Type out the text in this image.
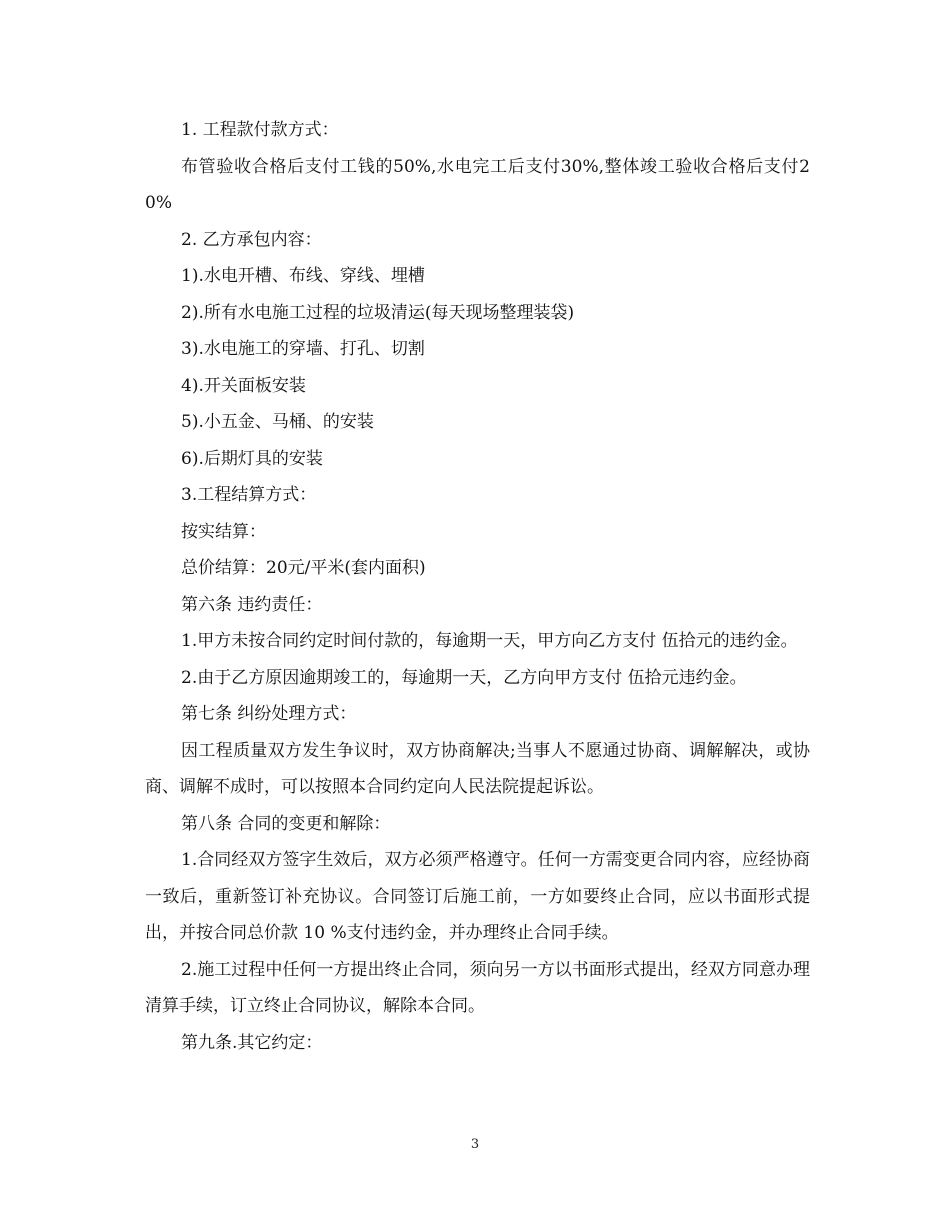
1. 工程款付款方式：

布管验收合格后支付工钱的50%,水电完工后支付30%,整体竣工验收合格后支付20%

2. 乙方承包内容：

1).水电开槽、布线、穿线、埋槽

2).所有水电施工过程的垃圾清运(每天现场整理装袋)

3).水电施工的穿墙、打孔、切割

4).开关面板安装

5).小五金、马桶、的安装

6).后期灯具的安装

3.工程结算方式：

按实结算：

总价结算：20元/平米(套内面积)

第六条 违约责任：

1.甲方未按合同约定时间付款的，每逾期一天，甲方向乙方支付 伍拾元的违约金。

2.由于乙方原因逾期竣工的，每逾期一天，乙方向甲方支付 伍拾元违约金。

第七条 纠纷处理方式：

因工程质量双方发生争议时，双方协商解决;当事人不愿通过协商、调解解决，或协商、调解不成时，可以按照本合同约定向人民法院提起诉讼。

第八条 合同的变更和解除：

1.合同经双方签字生效后，双方必须严格遵守。任何一方需变更合同内容，应经协商一致后，重新签订补充协议。合同签订后施工前，一方如要终止合同，应以书面形式提出，并按合同总价款 10 %支付违约金，并办理终止合同手续。

2.施工过程中任何一方提出终止合同，须向另一方以书面形式提出，经双方同意办理清算手续，订立终止合同协议，解除本合同。

第九条.其它约定：

3
